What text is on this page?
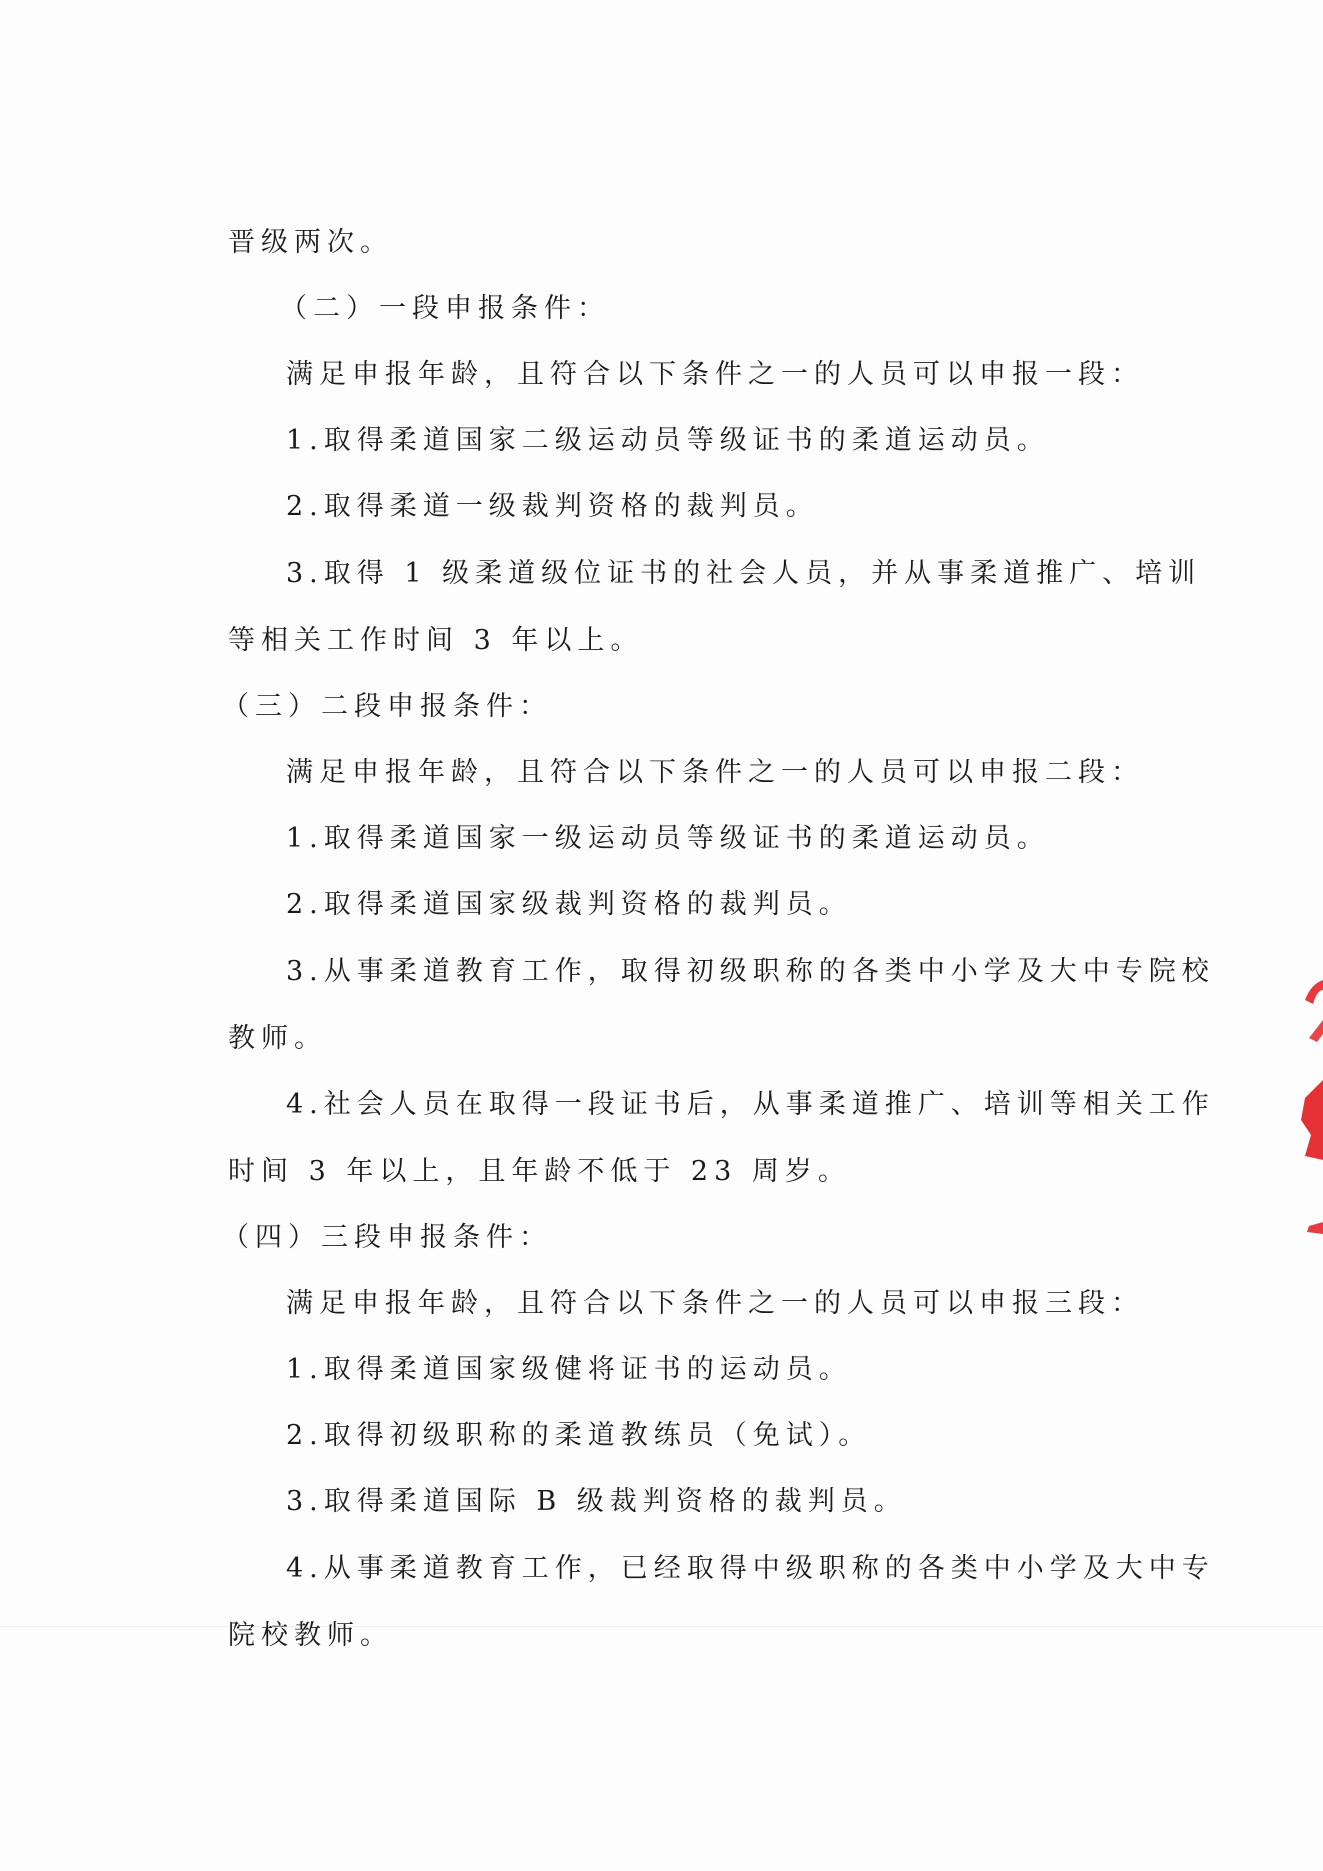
晋级两次。
（二）一段申报条件：
满足申报年龄，且符合以下条件之一的人员可以申报一段：
1.取得柔道国家二级运动员等级证书的柔道运动员。
2.取得柔道一级裁判资格的裁判员。
3.取得 1 级柔道级位证书的社会人员，并从事柔道推广、培训
等相关工作时间 3 年以上。
（三）二段申报条件：
满足申报年龄，且符合以下条件之一的人员可以申报二段：
1.取得柔道国家一级运动员等级证书的柔道运动员。
2.取得柔道国家级裁判资格的裁判员。
3.从事柔道教育工作，取得初级职称的各类中小学及大中专院校
教师。
4.社会人员在取得一段证书后，从事柔道推广、培训等相关工作
时间 3 年以上，且年龄不低于 23 周岁。
（四）三段申报条件：
满足申报年龄，且符合以下条件之一的人员可以申报三段：
1.取得柔道国家级健将证书的运动员。
2.取得初级职称的柔道教练员（免试）。
3.取得柔道国际 B 级裁判资格的裁判员。
4.从事柔道教育工作，已经取得中级职称的各类中小学及大中专
院校教师。
